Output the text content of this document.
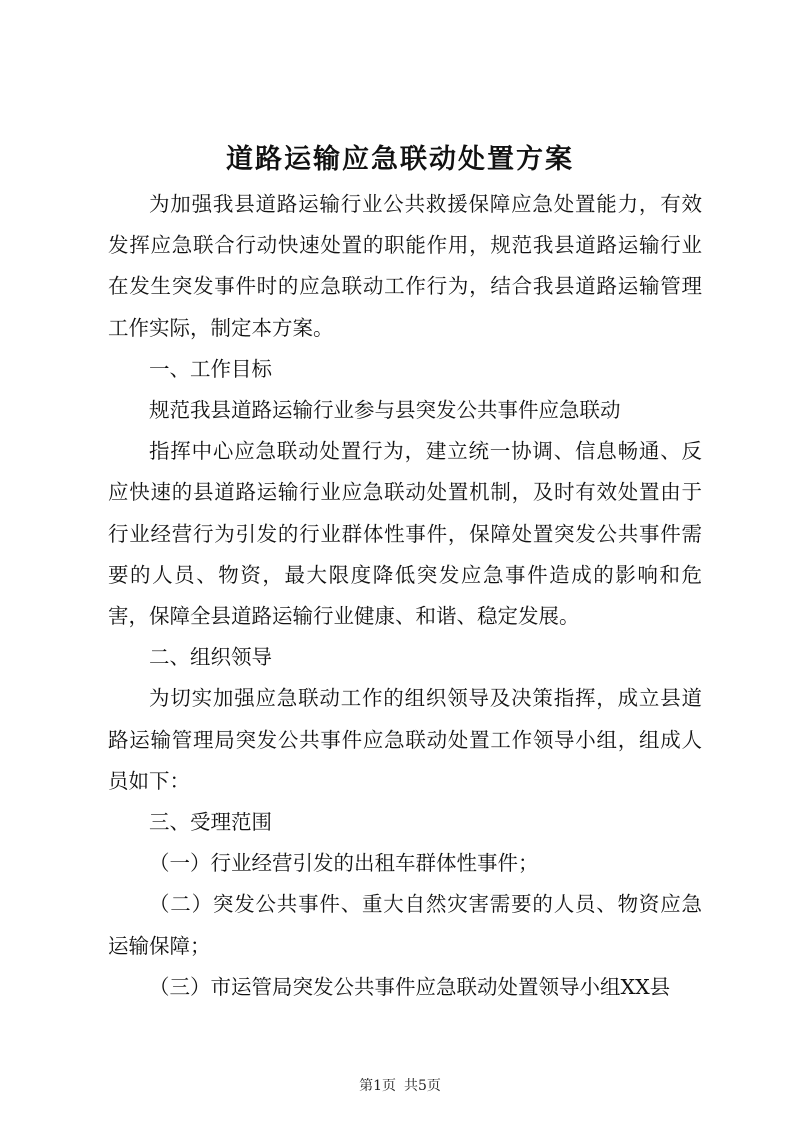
道路运输应急联动处置方案

为加强我县道路运输行业公共救援保障应急处置能力，有效发挥应急联合行动快速处置的职能作用，规范我县道路运输行业在发生突发事件时的应急联动工作行为，结合我县道路运输管理工作实际，制定本方案。

一、工作目标

规范我县道路运输行业参与县突发公共事件应急联动

指挥中心应急联动处置行为，建立统一协调、信息畅通、反应快速的县道路运输行业应急联动处置机制，及时有效处置由于行业经营行为引发的行业群体性事件，保障处置突发公共事件需要的人员、物资，最大限度降低突发应急事件造成的影响和危害，保障全县道路运输行业健康、和谐、稳定发展。

二、组织领导

为切实加强应急联动工作的组织领导及决策指挥，成立县道路运输管理局突发公共事件应急联动处置工作领导小组，组成人员如下：

三、受理范围

（一）行业经营引发的出租车群体性事件；

（二）突发公共事件、重大自然灾害需要的人员、物资应急运输保障；

（三）市运管局突发公共事件应急联动处置领导小组XX县

第1页 共5页
